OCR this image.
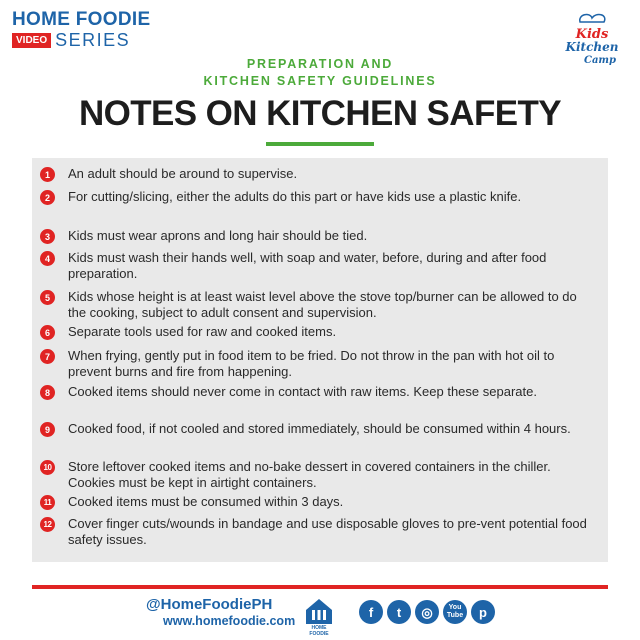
HOME FOODIE
VIDEO SERIES	Kids
Kitchen
Camp
PREPARATION AND
KITCHEN SAFETY GUIDELINES
NOTES ON KITCHEN SAFETY
1	An adult should be around to supervise.
2	For cutting/slicing, either the adults do this part or have kids use a plastic knife.
3	Kids must wear aprons and long hair should be tied.
4	Kids must wash their hands well, with soap and water, before, during and after food preparation.
5	Kids whose height is at least waist level above the stove top/burner can be allowed to do the cooking, subject to adult consent and supervision.
6	Separate tools used for raw and cooked items.
7	When frying, gently put in food item to be fried. Do not throw in the pan with hot oil to prevent burns and fire from happening.
8	Cooked items should never come in contact with raw items. Keep these separate.
9	Cooked food, if not cooled and stored immediately, should be consumed within 4 hours.
10 Store leftover cooked items and no-bake dessert in covered containers in the chiller. Cookies must be kept in airtight containers.
11 Cooked items must be consumed within 3 days.
12 Cover finger cuts/wounds in bandage and use disposable gloves to pre-vent potential food safety issues.
@HomeFoodiePH
www.homefoodie.com	HOME
FOODIE
f	t	◎	You
Tube	p
